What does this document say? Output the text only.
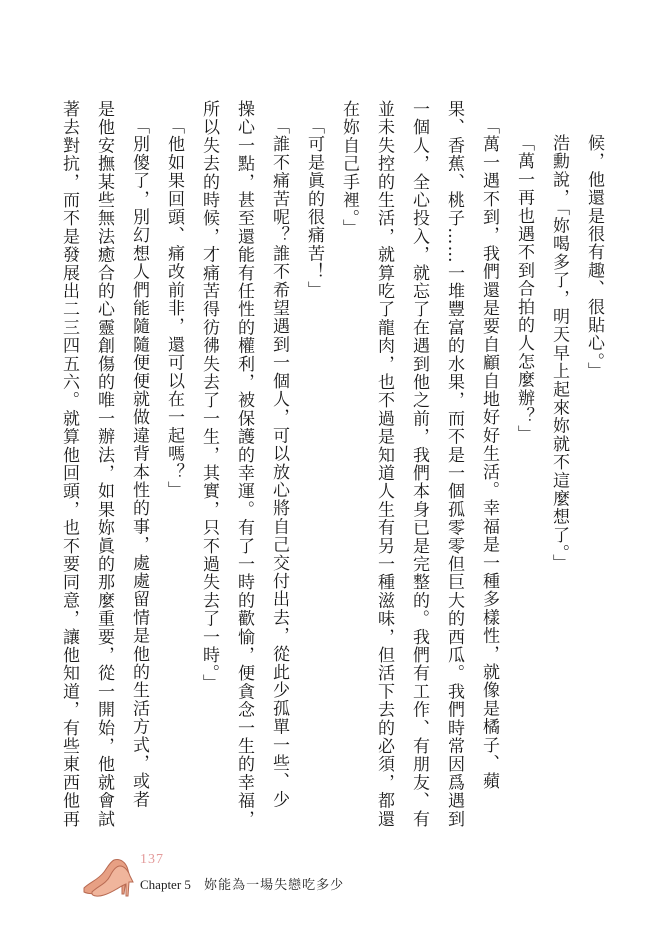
候，他還是很有趣、很貼心。」
浩勳說，「妳喝多了，明天早上起來妳就不這麼想了。」
「萬一再也遇不到合拍的人怎麼辦？」
「萬一遇不到，我們還是要自顧自地好好生活。幸福是一種多樣性，就像是橘子、蘋
果、香蕉、桃子……一堆豐富的水果，而不是一個孤零零但巨大的西瓜。我們時常因爲遇到
一個人，全心投入，就忘了在遇到他之前，我們本身已是完整的。我們有工作、有朋友、有
並未失控的生活，就算吃了龍肉，也不過是知道人生有另一種滋味，但活下去的必須，都還
在妳自己手裡。」
「可是眞的很痛苦！」
「誰不痛苦呢？誰不希望遇到一個人，可以放心將自己交付出去，從此少孤單一些、少
操心一點，甚至還能有任性的權利，被保護的幸運。有了一時的歡愉，便貪念一生的幸福，
所以失去的時候，才痛苦得彷彿失去了一生，其實，只不過失去了一時。」
「他如果回頭、痛改前非，還可以在一起嗎？」
「別傻了，別幻想人們能隨隨便便就做違背本性的事，處處留情是他的生活方式，或者
是他安撫某些無法癒合的心靈創傷的唯一辦法，如果妳眞的那麼重要，從一開始，他就會試
著去對抗，而不是發展出二三四五六。就算他回頭，也不要同意，讓他知道，有些東西他再
137
Chapter 5 妳能為一場失戀吃多少
